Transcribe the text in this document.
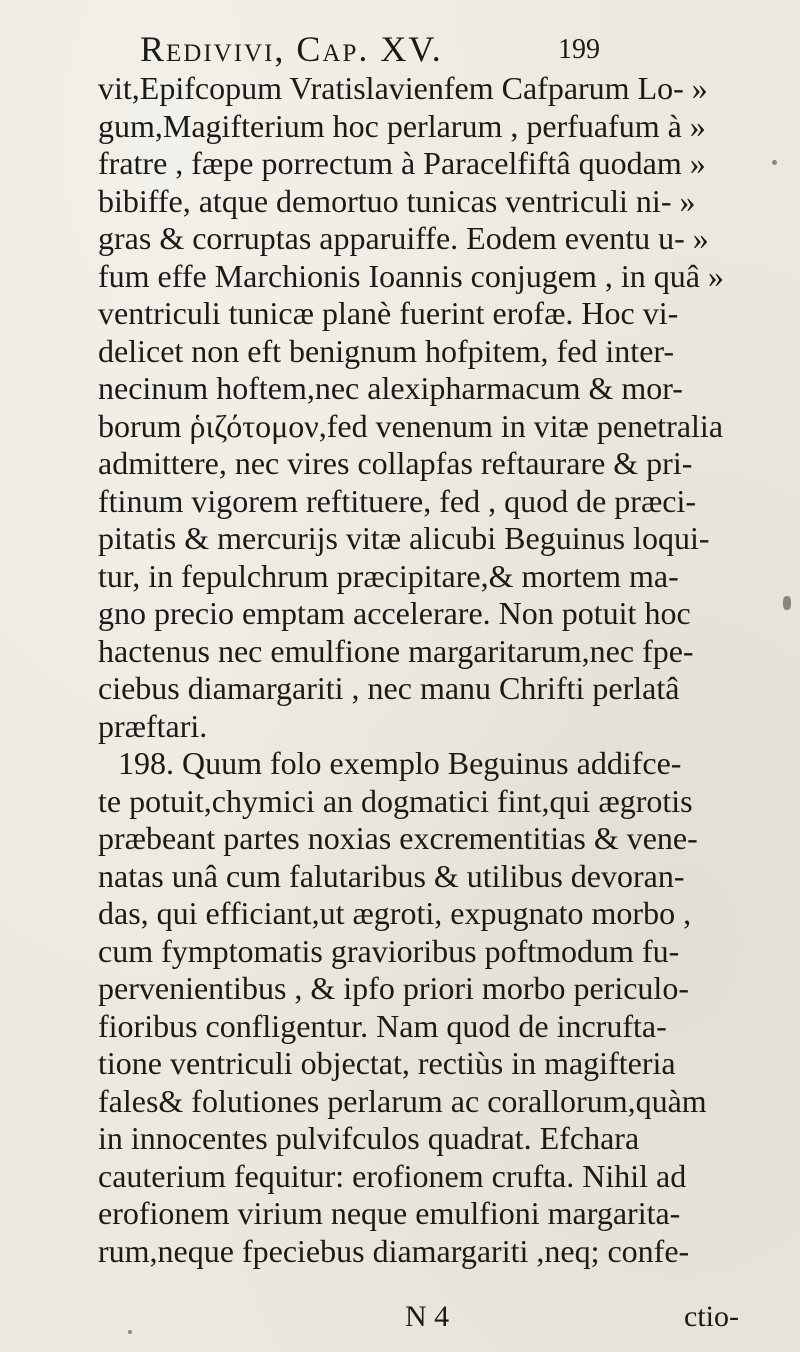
Redivivi, Cap. XV.	199
vit,Epifcopum Vratislavienfem Cafparum Lo- »
gum,Magifterium hoc perlarum , perfuafum à »
fratre , fæpe porrectum à Paracelfiftâ quodam »
bibiffe, atque demortuo tunicas ventriculi ni- »
gras & corruptas apparuiffe. Eodem eventu u- »
fum effe Marchionis Ioannis conjugem , in quâ »
ventriculi tunicæ planè fuerint erofæ. Hoc vi-
delicet non eft benignum hofpitem, fed inter-
necinum hoftem,nec alexipharmacum & mor-
borum ῥιζότομον,fed venenum in vitæ penetralia
admittere, nec vires collapfas reftaurare & pri-
ftinum vigorem reftituere, fed , quod de præci-
pitatis & mercurijs vitæ alicubi Beguinus loqui-
tur, in fepulchrum præcipitare,& mortem ma-
gno precio emptam accelerare. Non potuit hoc
hactenus nec emulfione margaritarum,nec fpe-
ciebus diamargariti , nec manu Chrifti perlatâ
præftari.
198. Quum folo exemplo Beguinus addifce-
te potuit,chymici an dogmatici fint,qui ægrotis
præbeant partes noxias excrementitias & vene-
natas unâ cum falutaribus & utilibus devoran-
das, qui efficiant,ut ægroti, expugnato morbo ,
cum fymptomatis gravioribus poftmodum fu-
pervenientibus , & ipfo priori morbo periculo-
fioribus confligentur. Nam quod de incrufta-
tione ventriculi objectat, rectiùs in magifteria
fales& folutiones perlarum ac corallorum,quàm
in innocentes pulvifculos quadrat. Efchara
cauterium fequitur: erofionem crufta. Nihil ad
erofionem virium neque emulfioni margarita-
rum,neque fpeciebus diamargariti ,neq; confe-
N 4	ctio-
